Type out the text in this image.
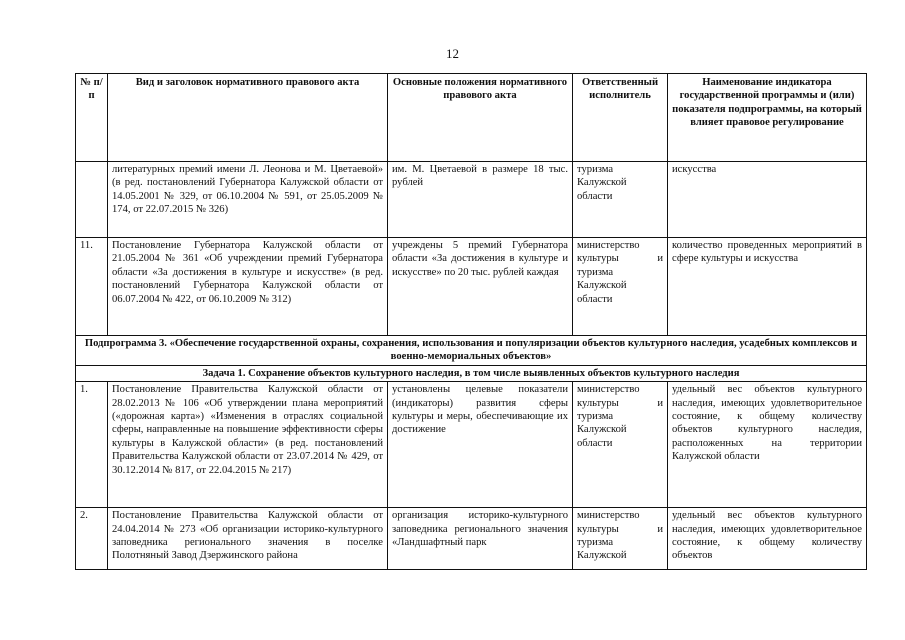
12
№ п/п	Вид и заголовок нормативного правового акта	Основные положения нормативного правового акта	Ответственный исполнитель	Наименование индикатора государственной программы и (или) показателя подпрограммы, на который влияет правовое регулирование
	литературных премий имени Л. Леонова и М. Цветаевой» (в ред. постановлений Губернатора Калужской области от 14.05.2001 № 329, от 06.10.2004 № 591, от 25.05.2009 № 174, от 22.07.2015 № 326)	им. М. Цветаевой в размере 18 тыс. рублей	туризма Калужской области	искусства
11.	Постановление Губернатора Калужской области от 21.05.2004 № 361 «Об учреждении премий Губернатора области «За достижения в культуре и искусстве» (в ред. постановлений Губернатора Калужской области от 06.07.2004 № 422, от 06.10.2009 № 312)	учреждены 5 премий Губернатора области «За достижения в культуре и искусстве» по 20 тыс. рублей каждая	министерство культуры и туризма Калужской области	количество проведенных мероприятий в сфере культуры и искусства
Подпрограмма 3. «Обеспечение государственной охраны, сохранения, использования и популяризации объектов культурного наследия, усадебных комплексов и военно-мемориальных объектов»				
Задача 1. Сохранение объектов культурного наследия, в том числе выявленных объектов культурного наследия				
1.	Постановление Правительства Калужской области от 28.02.2013 № 106 «Об утверждении плана мероприятий («дорожная карта») «Изменения в отраслях социальной сферы, направленные на повышение эффективности сферы культуры в Калужской области» (в ред. постановлений Правительства Калужской области от 23.07.2014 № 429, от 30.12.2014 № 817, от 22.04.2015 № 217)	установлены целевые показатели (индикаторы) развития сферы культуры и меры, обеспечивающие их достижение	министерство культуры и туризма Калужской области	удельный вес объектов культурного наследия, имеющих удовлетворительное состояние, к общему количеству объектов культурного наследия, расположенных на территории Калужской области
2.	Постановление Правительства Калужской области от 24.04.2014 № 273 «Об организации историко-культурного заповедника регионального значения в поселке Полотняный Завод Дзержинского района	организация историко-культурного заповедника регионального значения «Ландшафтный парк	министерство культуры и туризма Калужской	удельный вес объектов культурного наследия, имеющих удовлетворительное состояние, к общему количеству объектов
